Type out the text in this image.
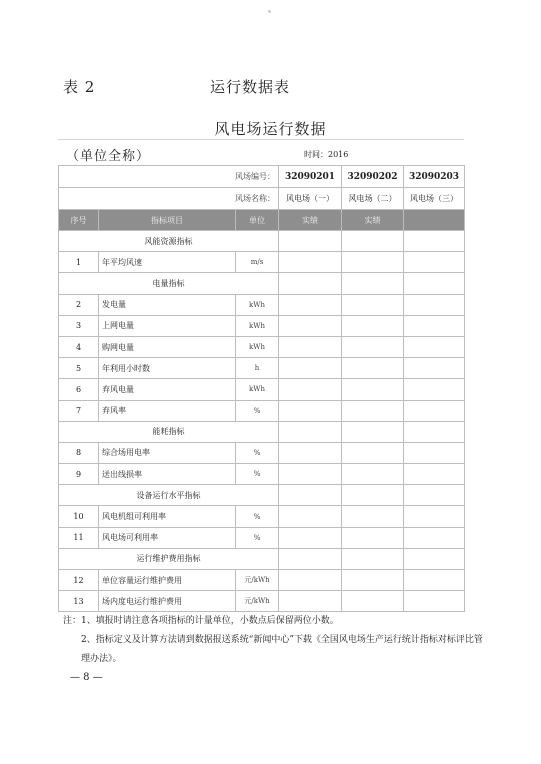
表 2	运行数据表
风电场运行数据
（单位全称）	时间：2016
风场编号：			32090201	32090202	32090203
风场名称：			风电场（一）	风电场（二）	风电场（三）
序号	指标项目	单位	实绩	实绩	
风能资源指标					
1	年平均风速	m/s			
电量指标					
2	发电量	kWh			
3	上网电量	kWh			
4	购网电量	kWh			
5	年利用小时数	h			
6	弃风电量	kWh			
7	弃风率	%			
能耗指标					
8	综合场用电率	%			
9	送出线损率	%			
设备运行水平指标					
10	风电机组可利用率	%			
11	风电场可利用率	%			
运行维护费用指标					
12	单位容量运行维护费用	元/kWh			
13	场内度电运行维护费用	元/kWh			

注：1、填报时请注意各项指标的计量单位，小数点后保留两位小数。

2、指标定义及计算方法请到数据报送系统“新闻中心”下载《全国风电场生产运行统计指标对标评比管理办法》。

— 8 —
